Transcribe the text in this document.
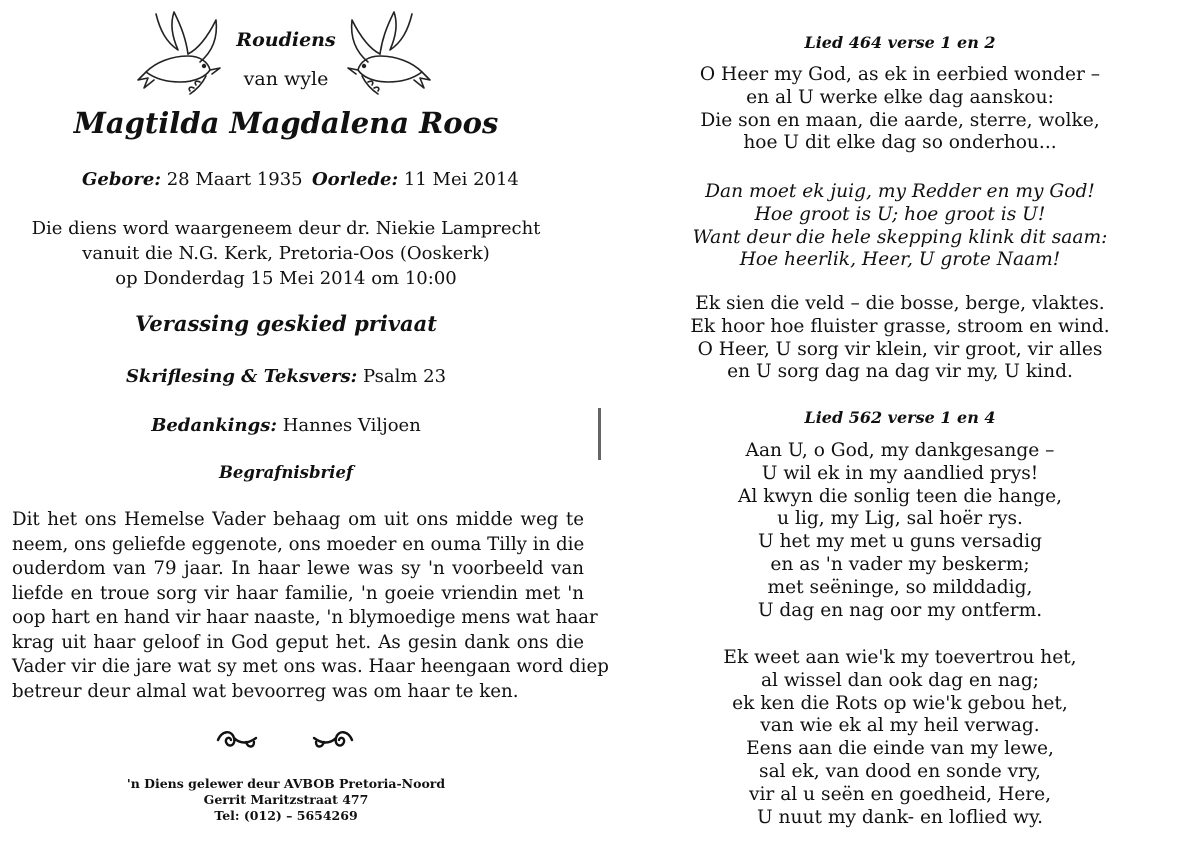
Roudiens
van wyle
Magtilda Magdalena Roos
Gebore: 28 Maart 1935 Oorlede: 11 Mei 2014
Die diens word waargeneem deur dr. Niekie Lamprecht
vanuit die N.G. Kerk, Pretoria-Oos (Ooskerk)
op Donderdag 15 Mei 2014 om 10:00
Verassing geskied privaat
Skriflesing & Teksvers: Psalm 23
Bedankings: Hannes Viljoen
Begrafnisbrief
Dit het ons Hemelse Vader behaag om uit ons midde weg te
neem, ons geliefde eggenote, ons moeder en ouma Tilly in die
ouderdom van 79 jaar. In haar lewe was sy 'n voorbeeld van
liefde en troue sorg vir haar familie, 'n goeie vriendin met 'n
oop hart en hand vir haar naaste, 'n blymoedige mens wat haar
krag uit haar geloof in God geput het. As gesin dank ons die
Vader vir die jare wat sy met ons was. Haar heengaan word diep
betreur deur almal wat bevoorreg was om haar te ken.
'n Diens gelewer deur AVBOB Pretoria-Noord
Gerrit Maritzstraat 477
Tel: (012) – 5654269
Lied 464 verse 1 en 2
O Heer my God, as ek in eerbied wonder –
en al U werke elke dag aanskou:
Die son en maan, die aarde, sterre, wolke,
hoe U dit elke dag so onderhou...
Dan moet ek juig, my Redder en my God!
Hoe groot is U; hoe groot is U!
Want deur die hele skepping klink dit saam:
Hoe heerlik, Heer, U grote Naam!
Ek sien die veld – die bosse, berge, vlaktes.
Ek hoor hoe fluister grasse, stroom en wind.
O Heer, U sorg vir klein, vir groot, vir alles
en U sorg dag na dag vir my, U kind.
Lied 562 verse 1 en 4
Aan U, o God, my dankgesange –
U wil ek in my aandlied prys!
Al kwyn die sonlig teen die hange,
u lig, my Lig, sal hoër rys.
U het my met u guns versadig
en as 'n vader my beskerm;
met seëninge, so milddadig,
U dag en nag oor my ontferm.
Ek weet aan wie'k my toevertrou het,
al wissel dan ook dag en nag;
ek ken die Rots op wie'k gebou het,
van wie ek al my heil verwag.
Eens aan die einde van my lewe,
sal ek, van dood en sonde vry,
vir al u seën en goedheid, Here,
U nuut my dank- en loflied wy.
